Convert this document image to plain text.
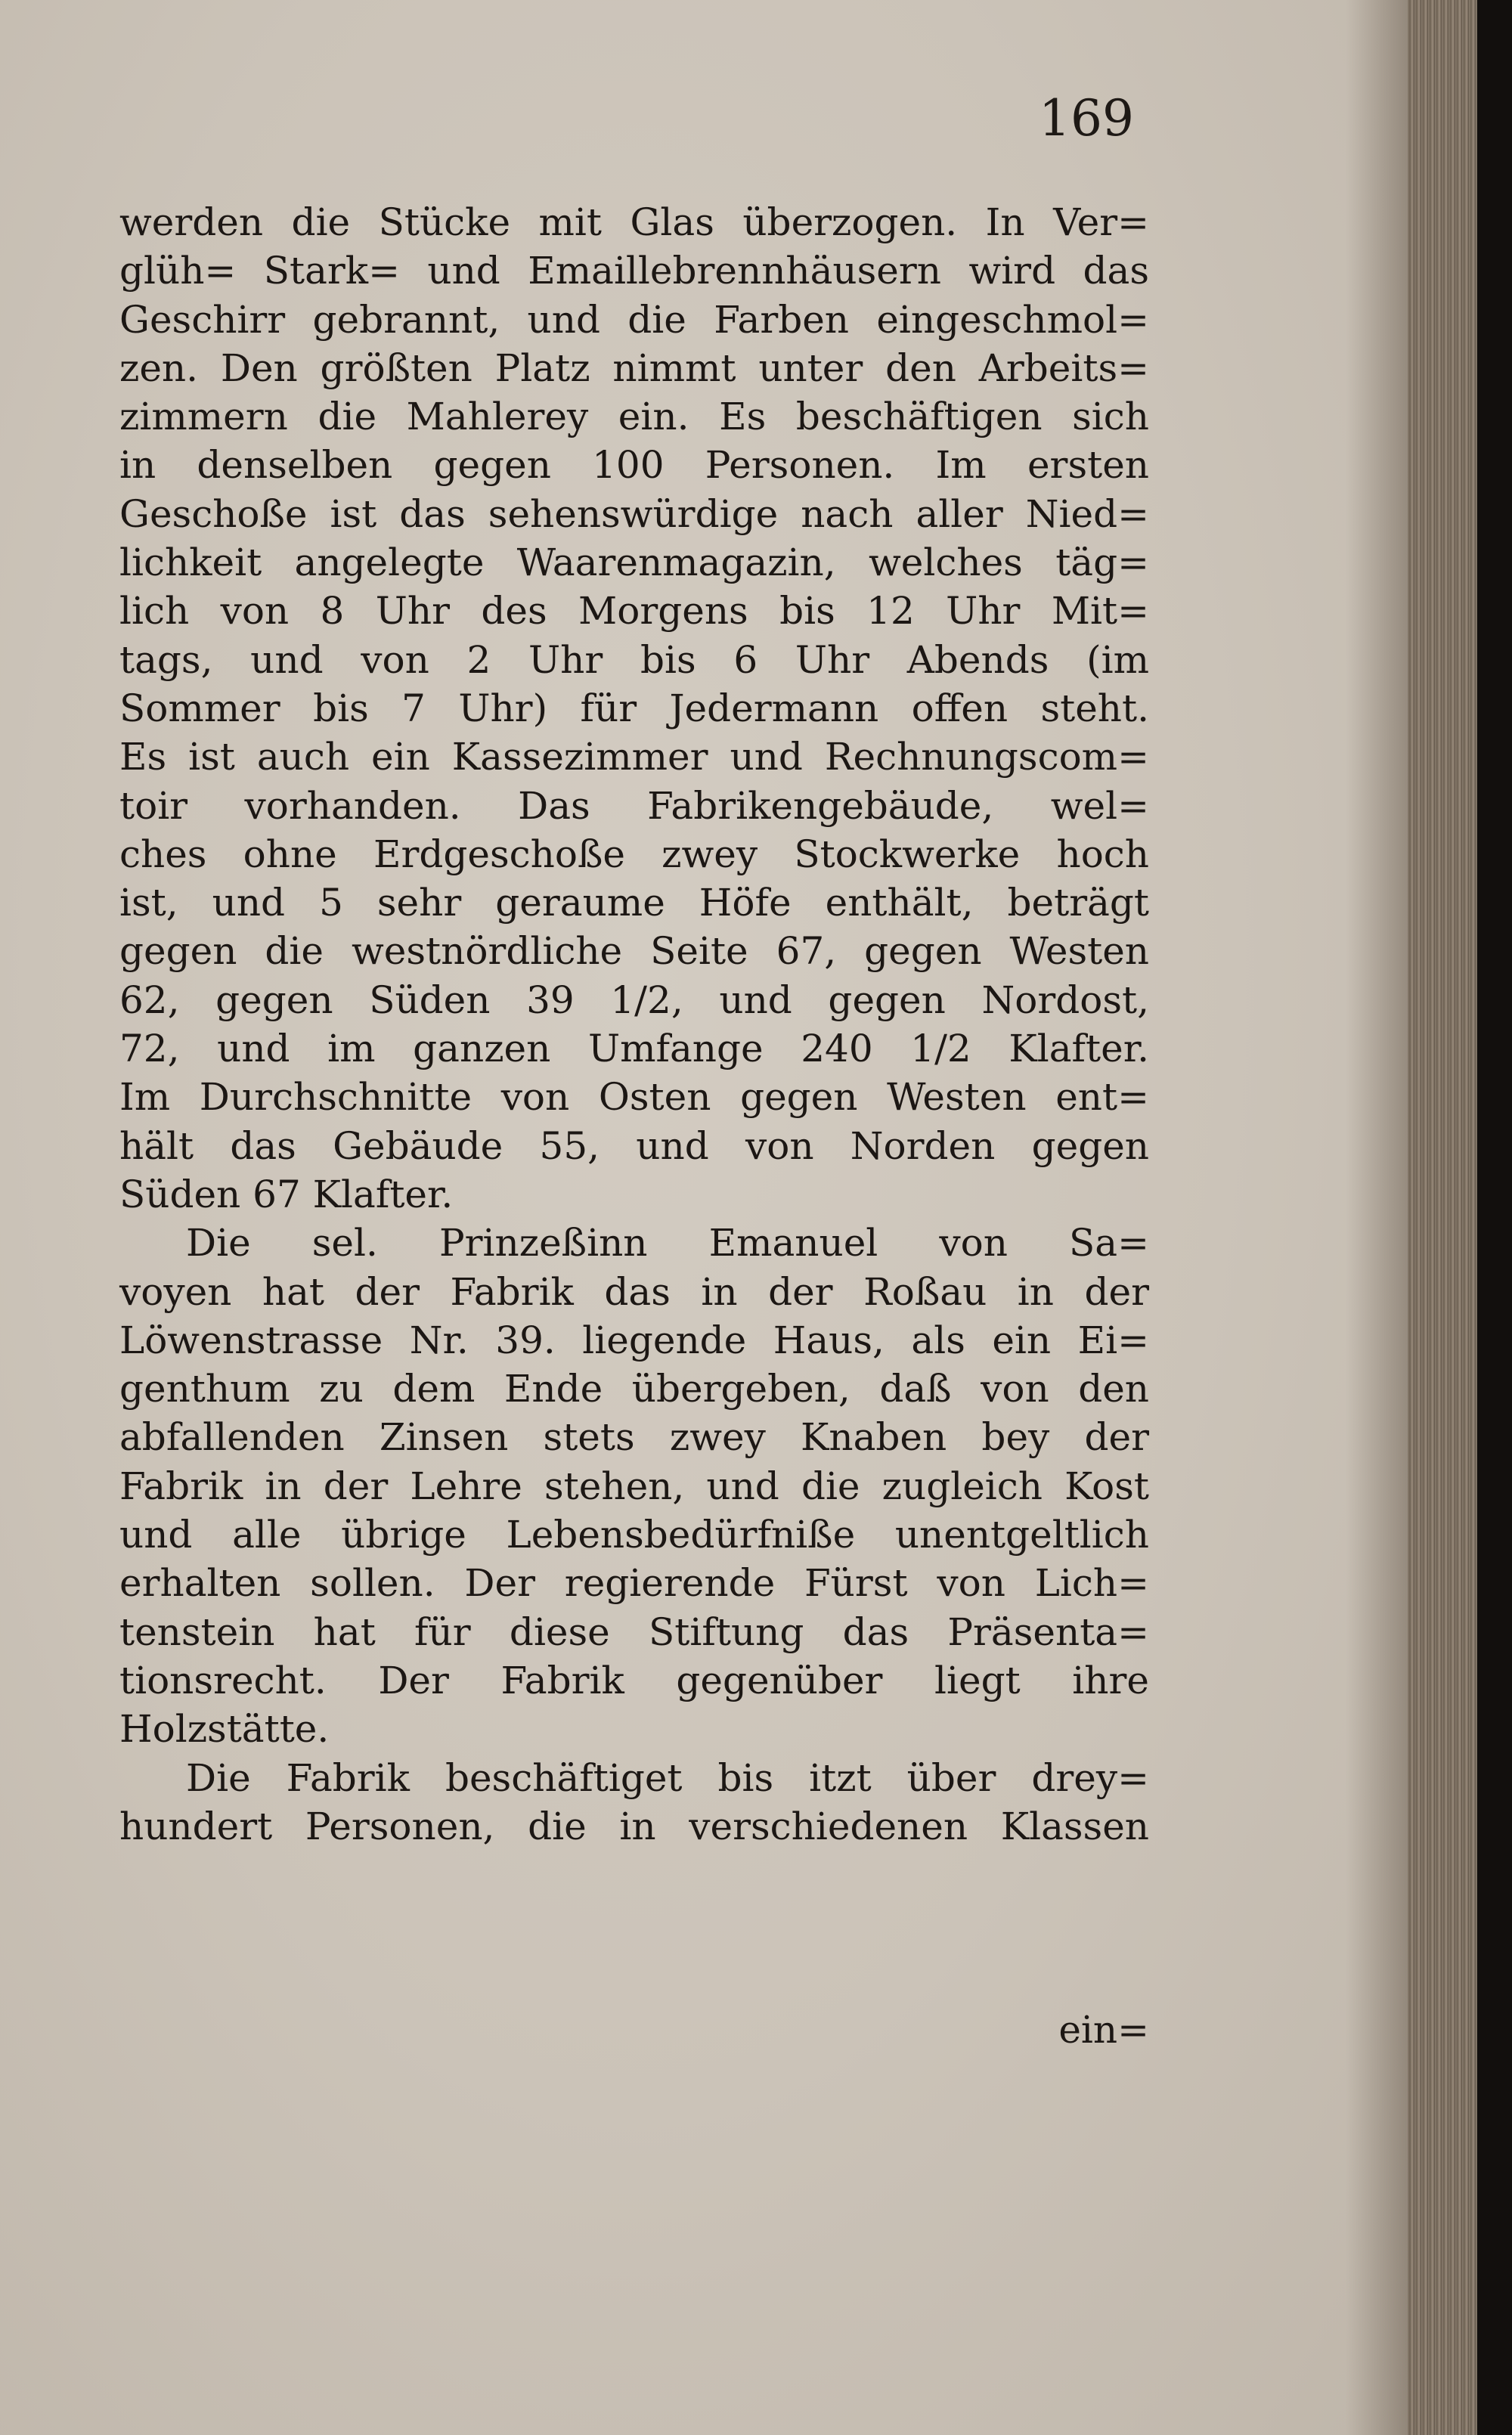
169
werden die Stücke mit Glas überzogen. In Ver=
glüh= Stark= und Emaillebrennhäusern wird das
Geschirr gebrannt, und die Farben eingeschmol=
zen. Den größten Platz nimmt unter den Arbeits=
zimmern die Mahlerey ein. Es beschäftigen sich
in denselben gegen 100 Personen. Im ersten
Geschoße ist das sehenswürdige nach aller Nied=
lichkeit angelegte Waarenmagazin, welches täg=
lich von 8 Uhr des Morgens bis 12 Uhr Mit=
tags, und von 2 Uhr bis 6 Uhr Abends (im
Sommer bis 7 Uhr) für Jedermann offen steht.
Es ist auch ein Kassezimmer und Rechnungscom=
toir vorhanden. Das Fabrikengebäude, wel=
ches ohne Erdgeschoße zwey Stockwerke hoch
ist, und 5 sehr geraume Höfe enthält, beträgt
gegen die westnördliche Seite 67, gegen Westen
62, gegen Süden 39 1/2, und gegen Nordost,
72, und im ganzen Umfange 240 1/2 Klafter.
Im Durchschnitte von Osten gegen Westen ent=
hält das Gebäude 55, und von Norden gegen
Süden 67 Klafter.
Die sel. Prinzeßinn Emanuel von Sa=
voyen hat der Fabrik das in der Roßau in der
Löwenstrasse Nr. 39. liegende Haus, als ein Ei=
genthum zu dem Ende übergeben, daß von den
abfallenden Zinsen stets zwey Knaben bey der
Fabrik in der Lehre stehen, und die zugleich Kost
und alle übrige Lebensbedürfniße unentgeltlich
erhalten sollen. Der regierende Fürst von Lich=
tenstein hat für diese Stiftung das Präsenta=
tionsrecht. Der Fabrik gegenüber liegt ihre
Holzstätte.
Die Fabrik beschäftiget bis itzt über drey=
hundert Personen, die in verschiedenen Klassen
ein=
